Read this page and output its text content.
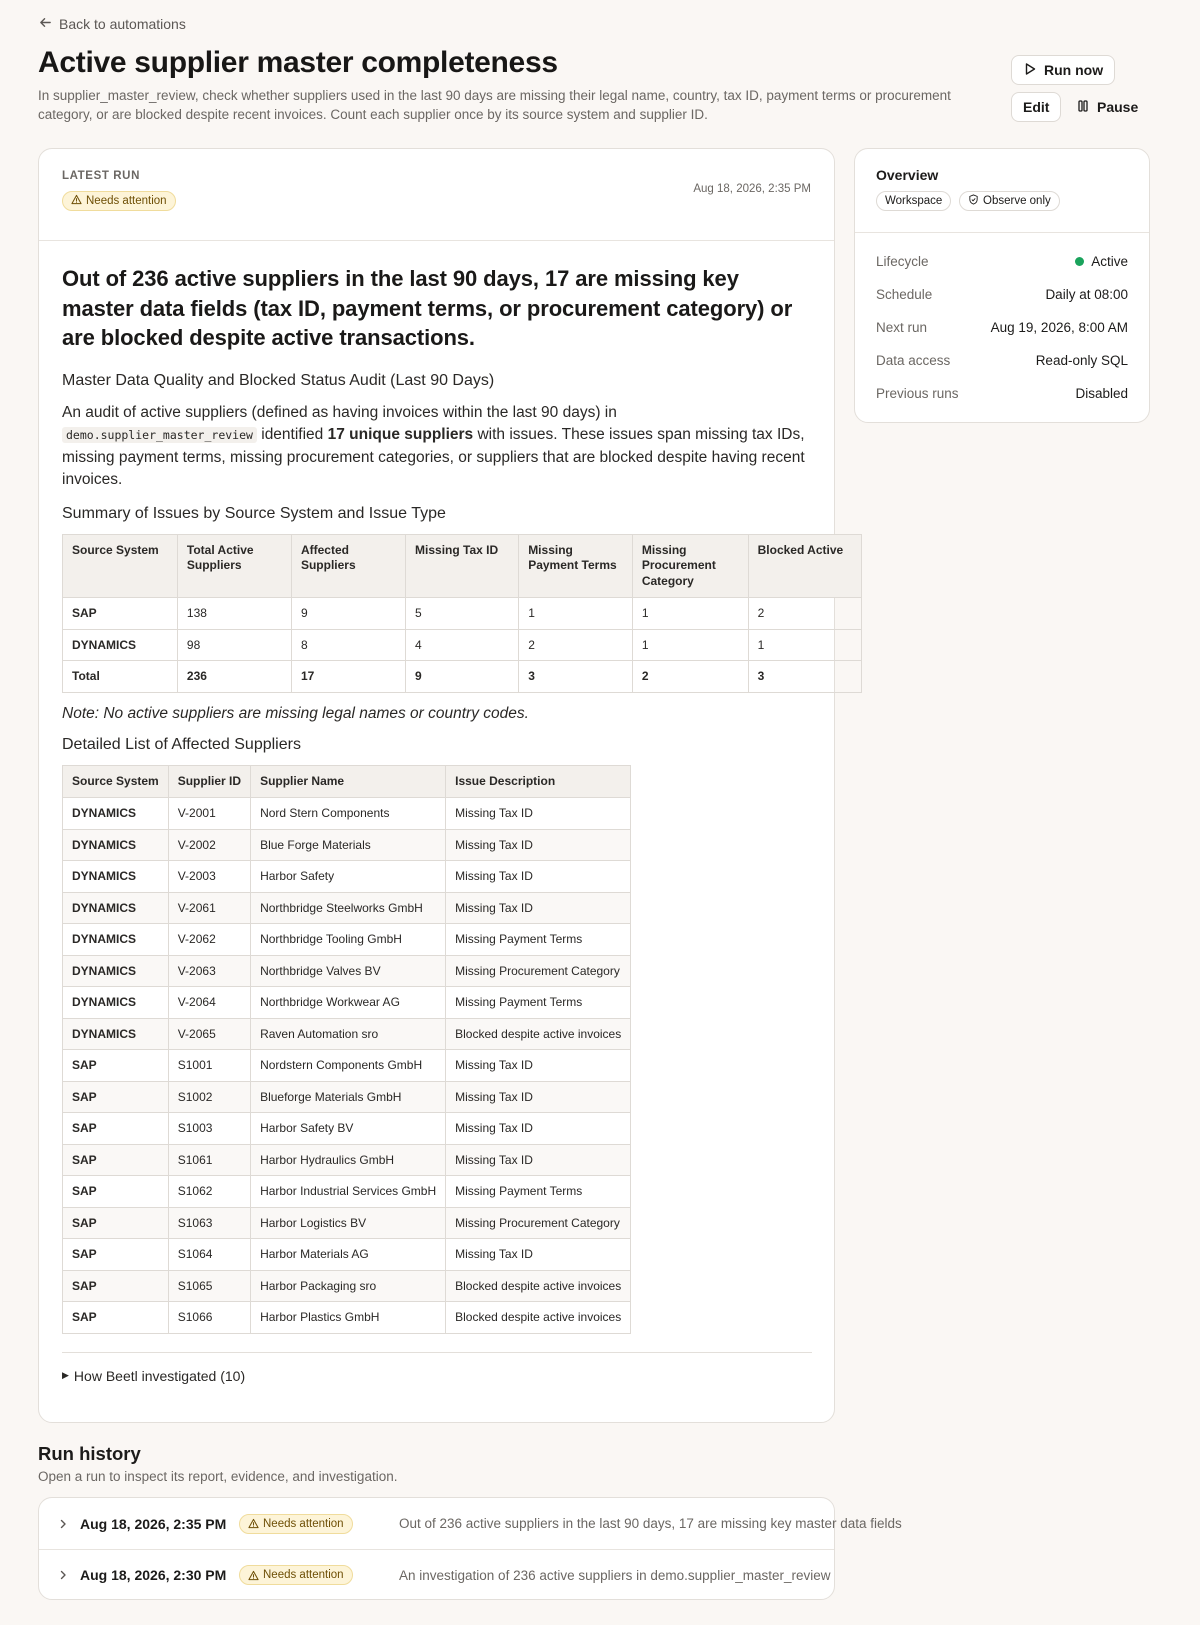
Back to automations
Active supplier master completeness

In supplier_master_review, check whether suppliers used in the last 90 days are missing their legal name, country, tax ID, payment terms or procurement category, or are blocked despite recent invoices. Count each supplier once by its source system and supplier ID.

Run now
Edit	Pause
LATEST RUN
Needs attention
Aug 18, 2026, 2:35 PM
Out of 236 active suppliers in the last 90 days, 17 are missing key master data fields (tax ID, payment terms, or procurement category) or are blocked despite active transactions.
Master Data Quality and Blocked Status Audit (Last 90 Days)

An audit of active suppliers (defined as having invoices within the last 90 days) in demo.supplier_master_review identified 17 unique suppliers with issues. These issues span missing tax IDs, missing payment terms, missing procurement categories, or suppliers that are blocked despite having recent invoices.

Summary of Issues by Source System and Issue Type
Source System	Total Active Suppliers	Affected Suppliers	Missing Tax ID	Missing Payment Terms	Missing Procurement Category	Blocked Active
SAP	138	9	5	1	1	2
DYNAMICS	98	8	4	2	1	1
Total	236	17	9	3	2	3

Note: No active suppliers are missing legal names or country codes.

Detailed List of Affected Suppliers
Source System	Supplier ID	Supplier Name	Issue Description
DYNAMICS	V-2001	Nord Stern Components	Missing Tax ID
DYNAMICS	V-2002	Blue Forge Materials	Missing Tax ID
DYNAMICS	V-2003	Harbor Safety	Missing Tax ID
DYNAMICS	V-2061	Northbridge Steelworks GmbH	Missing Tax ID
DYNAMICS	V-2062	Northbridge Tooling GmbH	Missing Payment Terms
DYNAMICS	V-2063	Northbridge Valves BV	Missing Procurement Category
DYNAMICS	V-2064	Northbridge Workwear AG	Missing Payment Terms
DYNAMICS	V-2065	Raven Automation sro	Blocked despite active invoices
SAP	S1001	Nordstern Components GmbH	Missing Tax ID
SAP	S1002	Blueforge Materials GmbH	Missing Tax ID
SAP	S1003	Harbor Safety BV	Missing Tax ID
SAP	S1061	Harbor Hydraulics GmbH	Missing Tax ID
SAP	S1062	Harbor Industrial Services GmbH	Missing Payment Terms
SAP	S1063	Harbor Logistics BV	Missing Procurement Category
SAP	S1064	Harbor Materials AG	Missing Tax ID
SAP	S1065	Harbor Packaging sro	Blocked despite active invoices
SAP	S1066	Harbor Plastics GmbH	Blocked despite active invoices
▶ How Beetl investigated (10)
Overview
Workspace	Observe only
Lifecycle	Active
Schedule	Daily at 08:00
Next run	Aug 19, 2026, 8:00 AM
Data access	Read-only SQL
Previous runs	Disabled
Run history
Open a run to inspect its report, evidence, and investigation.
Aug 18, 2026, 2:35 PM	Needs attention	Out of 236 active suppliers in the last 90 days, 17 are missing key master data fields
Aug 18, 2026, 2:30 PM	Needs attention	An investigation of 236 active suppliers in demo.supplier_master_review
